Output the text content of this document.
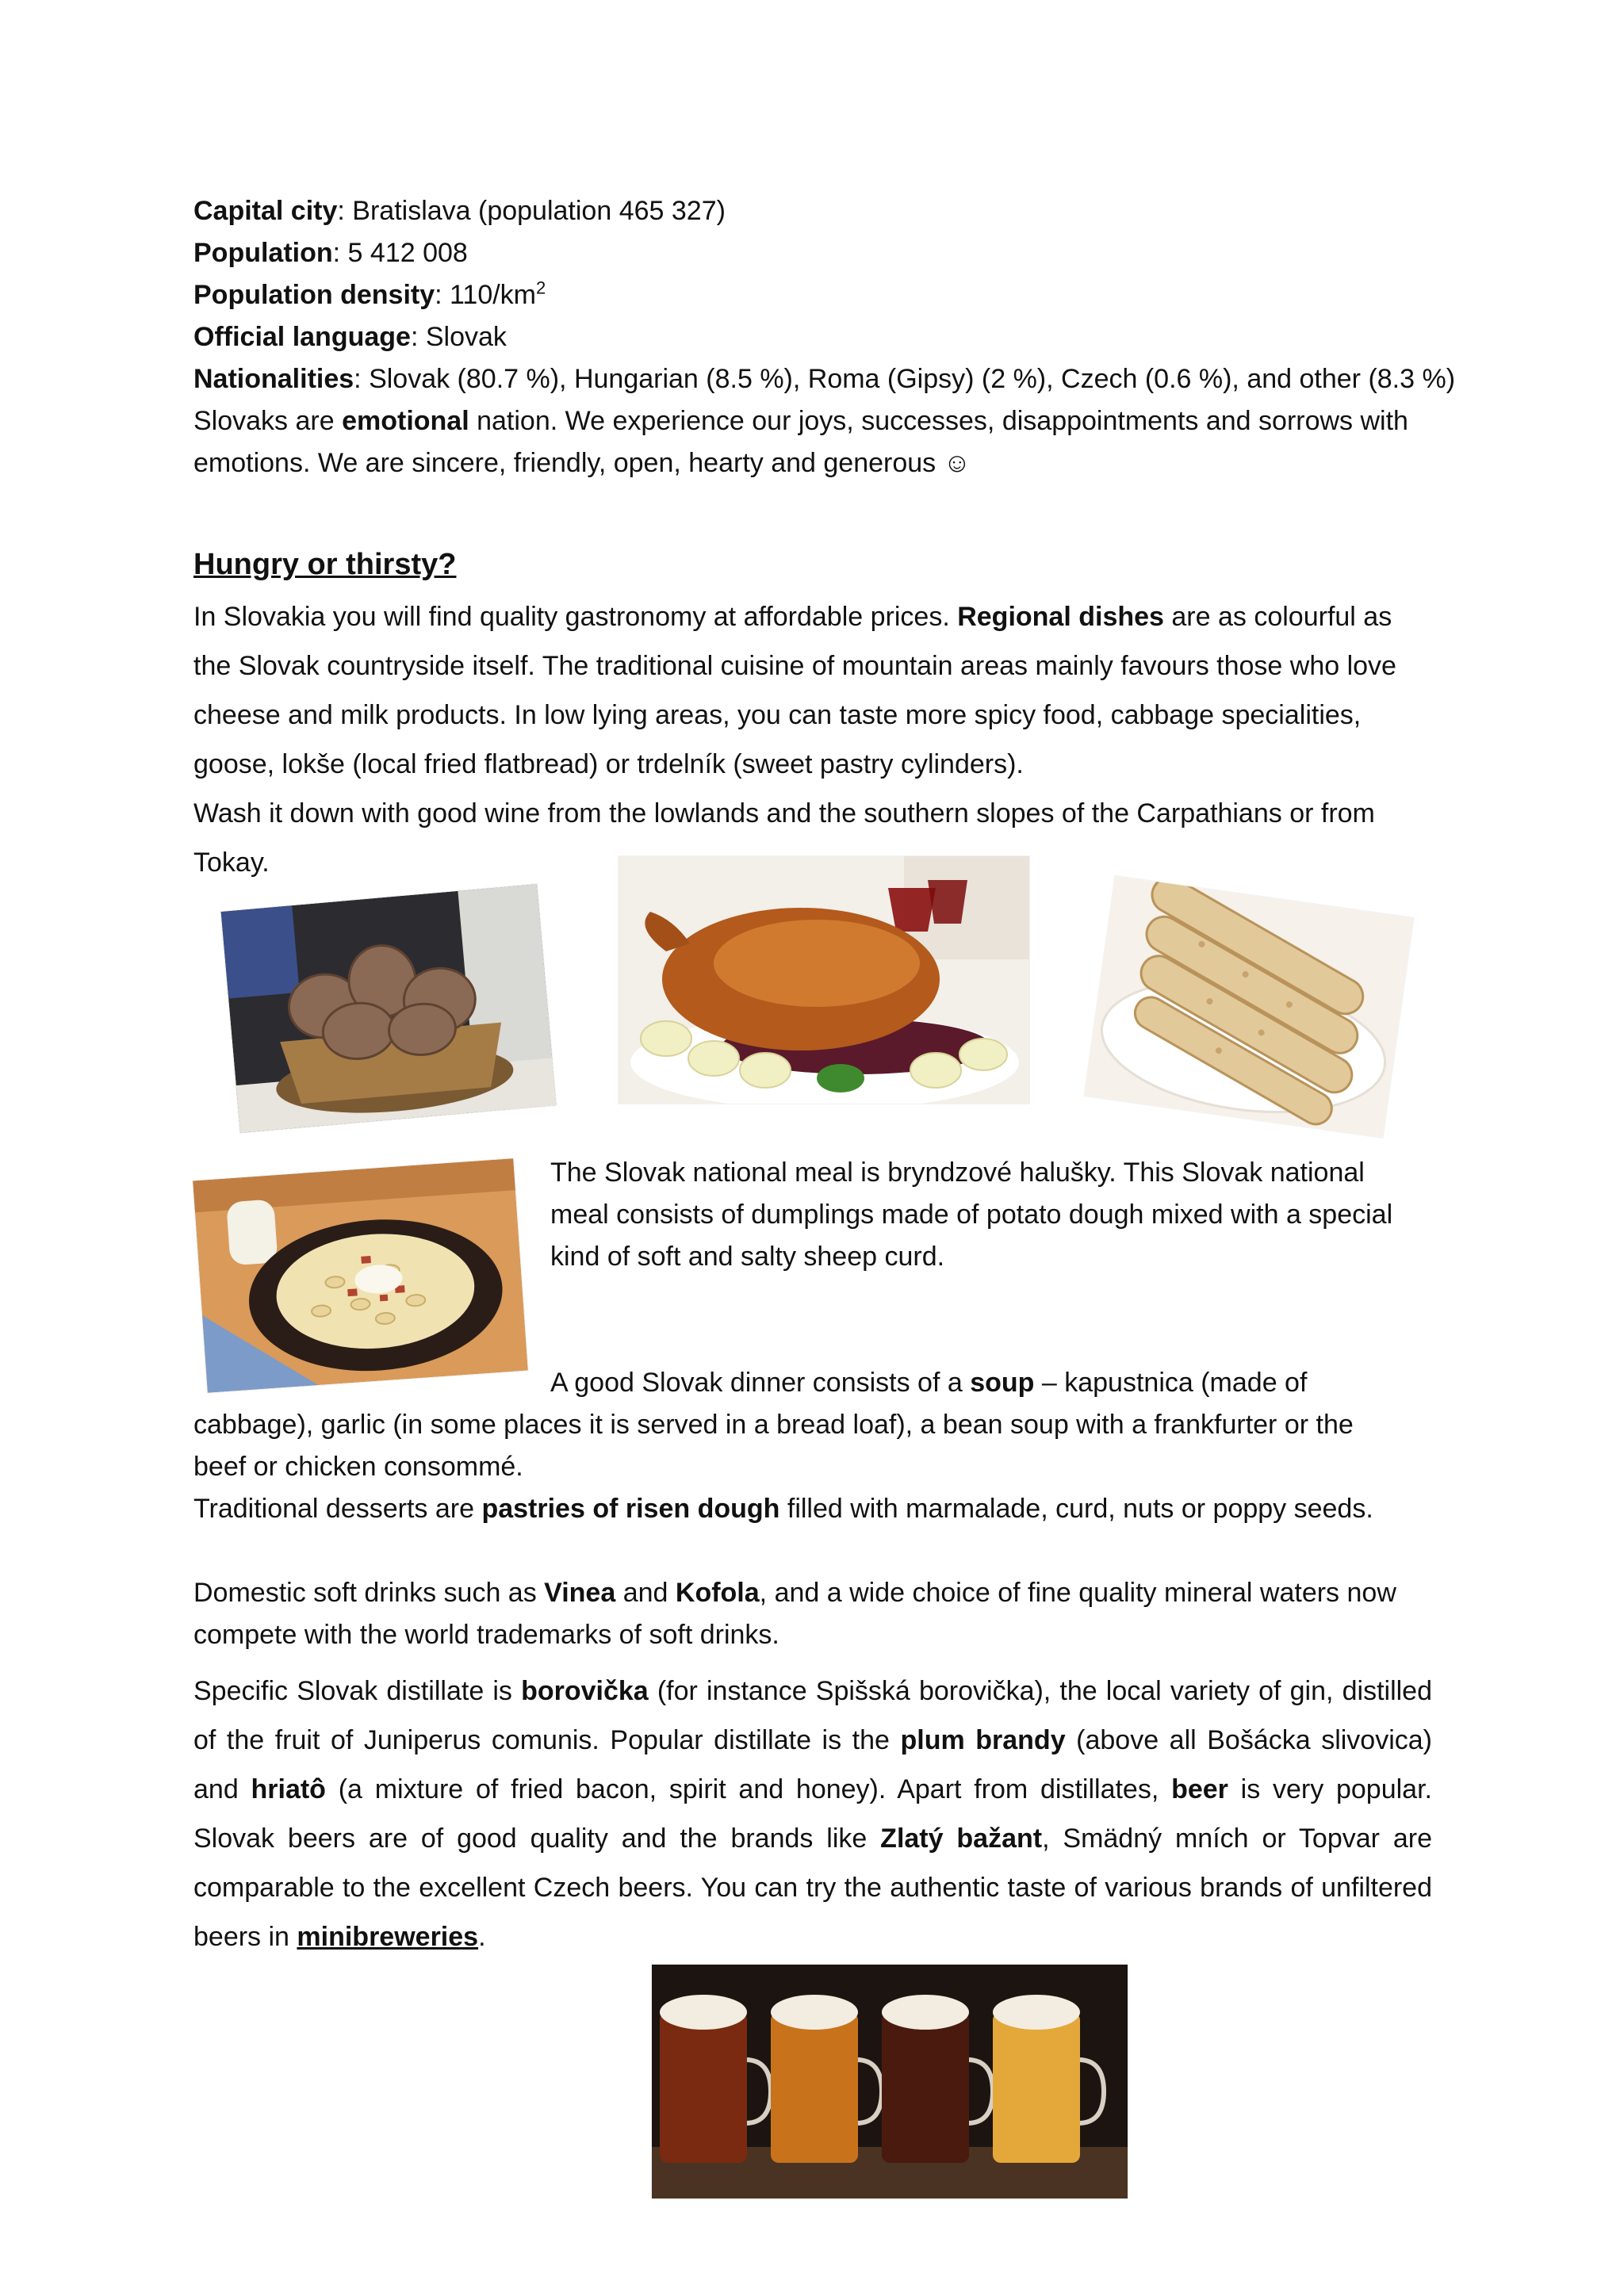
Capital city: Bratislava (population 465 327)
Population: 5 412 008
Population density: $110/km^2$
Official language: Slovak
Nationalities: Slovak (80.7 %), Hungarian (8.5 %), Roma (Gipsy) (2 %), Czech (0.6 %), and other (8.3 %)
Slovaks are emotional nation. We experience our joys, successes, disappointments and sorrows with
emotions. We are sincere, friendly, open, hearty and generous ☺
Hungry or thirsty?
In Slovakia you will find quality gastronomy at affordable prices. Regional dishes are as colourful as
the Slovak countryside itself. The traditional cuisine of mountain areas mainly favours those who love
cheese and milk products. In low lying areas, you can taste more spicy food, cabbage specialities,
goose, lokše (local fried flatbread) or trdelník (sweet pastry cylinders).
Wash it down with good wine from the lowlands and the southern slopes of the Carpathians or from
Tokay.
The Slovak national meal is bryndzové halušky. This Slovak national
meal consists of dumplings made of potato dough mixed with a special
kind of soft and salty sheep curd.
A good Slovak dinner consists of a soup – kapustnica (made of
cabbage), garlic (in some places it is served in a bread loaf), a bean soup with a frankfurter or the
beef or chicken consommé.
Traditional desserts are pastries of risen dough filled with marmalade, curd, nuts or poppy seeds.
Domestic soft drinks such as Vinea and Kofola, and a wide choice of fine quality mineral waters now
compete with the world trademarks of soft drinks.
Specific Slovak distillate is borovička (for instance Spišská borovička), the local variety of gin, distilled
of the fruit of Juniperus comunis. Popular distillate is the plum brandy (above all Bošácka slivovica)
and hriatô (a mixture of fried bacon, spirit and honey). Apart from distillates, beer is very popular.
Slovak beers are of good quality and the brands like Zlatý bažant, Smädný mních or Topvar are
comparable to the excellent Czech beers. You can try the authentic taste of various brands of unfiltered
beers in minibreweries.
